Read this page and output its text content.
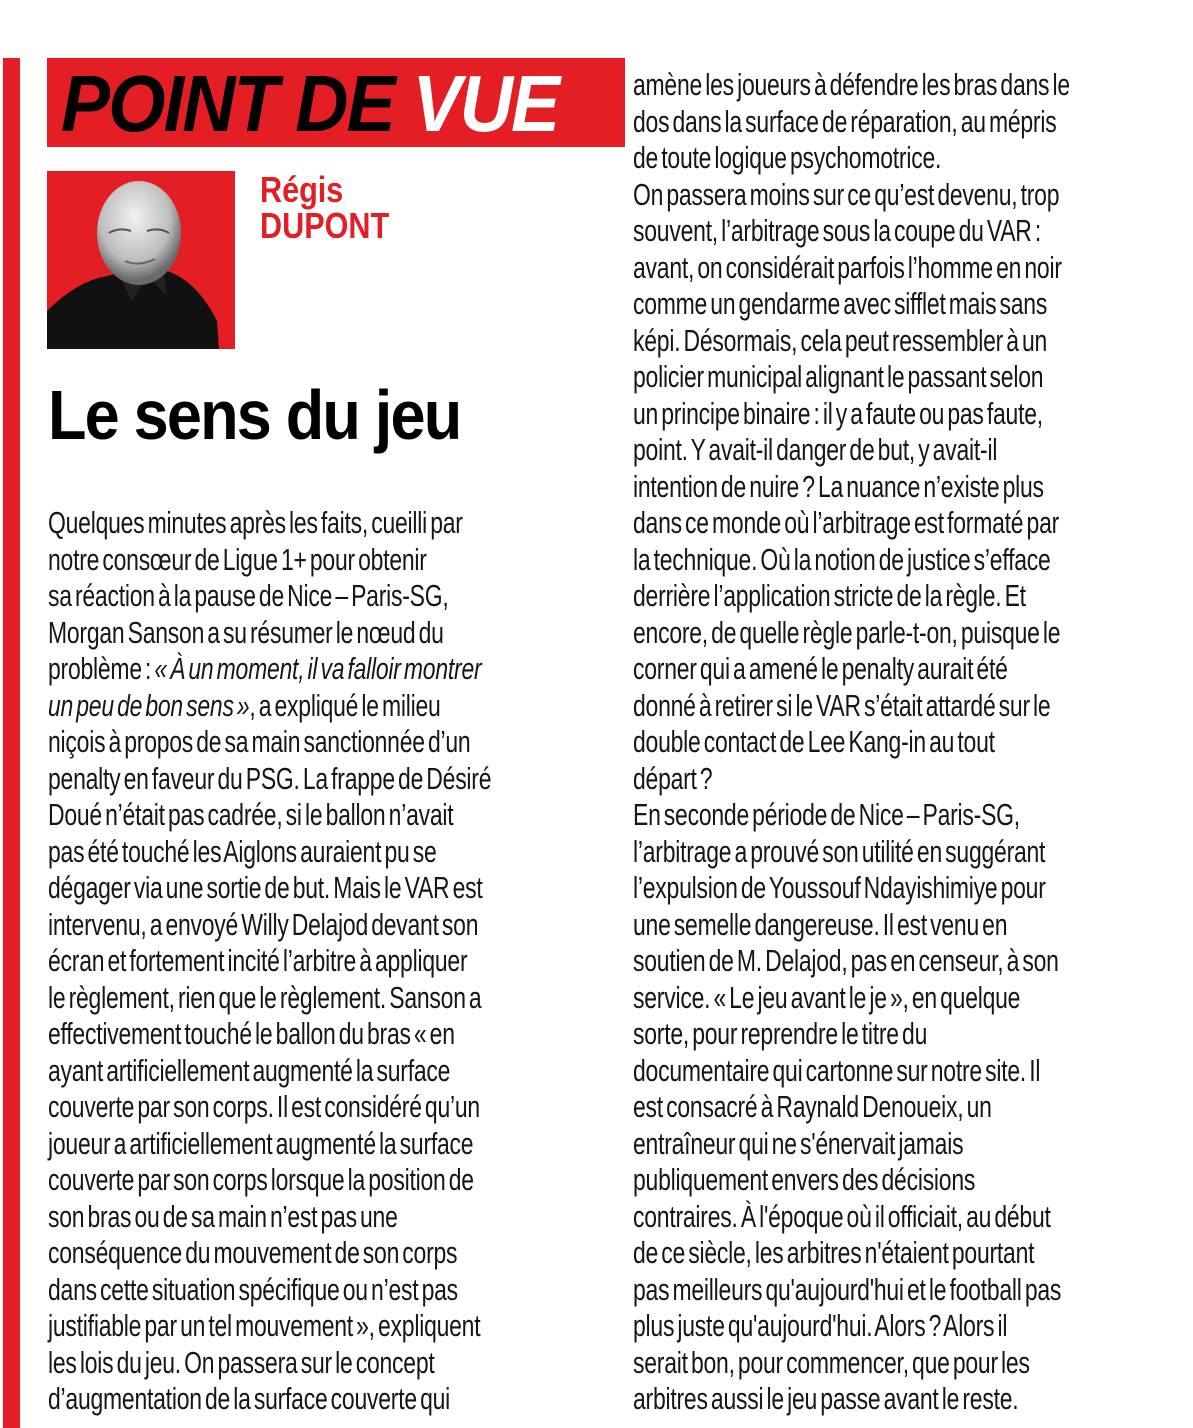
POINT DE VUE
Régis
DUPONT
Le sens du jeu
Quelques minutes après les faits, cueilli par
notre consœur de Ligue 1+ pour obtenir
sa réaction à la pause de Nice – Paris-SG,
Morgan Sanson a su résumer le nœud du
problème : « À un moment, il va falloir montrer
un peu de bon sens », a expliqué le milieu
niçois à propos de sa main sanctionnée d’un
penalty en faveur du PSG. La frappe de Désiré
Doué n’était pas cadrée, si le ballon n’avait
pas été touché les Aiglons auraient pu se
dégager via une sortie de but. Mais le VAR est
intervenu, a envoyé Willy Delajod devant son
écran et fortement incité l’arbitre à appliquer
le règlement, rien que le règlement. Sanson a
effectivement touché le ballon du bras « en
ayant artificiellement augmenté la surface
couverte par son corps. Il est considéré qu’un
joueur a artificiellement augmenté la surface
couverte par son corps lorsque la position de
son bras ou de sa main n’est pas une
conséquence du mouvement de son corps
dans cette situation spécifique ou n’est pas
justifiable par un tel mouvement », expliquent
les lois du jeu. On passera sur le concept
d’augmentation de la surface couverte qui
amène les joueurs à défendre les bras dans le
dos dans la surface de réparation, au mépris
de toute logique psychomotrice.
On passera moins sur ce qu’est devenu, trop
souvent, l’arbitrage sous la coupe du VAR :
avant, on considérait parfois l’homme en noir
comme un gendarme avec sifflet mais sans
képi. Désormais, cela peut ressembler à un
policier municipal alignant le passant selon
un principe binaire : il y a faute ou pas faute,
point. Y avait-il danger de but, y avait-il
intention de nuire ? La nuance n’existe plus
dans ce monde où l’arbitrage est formaté par
la technique. Où la notion de justice s’efface
derrière l’application stricte de la règle. Et
encore, de quelle règle parle-t-on, puisque le
corner qui a amené le penalty aurait été
donné à retirer si le VAR s’était attardé sur le
double contact de Lee Kang-in au tout
départ ?
En seconde période de Nice – Paris-SG,
l’arbitrage a prouvé son utilité en suggérant
l’expulsion de Youssouf Ndayishimiye pour
une semelle dangereuse. Il est venu en
soutien de M. Delajod, pas en censeur, à son
service. « Le jeu avant le je », en quelque
sorte, pour reprendre le titre du
documentaire qui cartonne sur notre site. Il
est consacré à Raynald Denoueix, un
entraîneur qui ne s'énervait jamais
publiquement envers des décisions
contraires. À l'époque où il officiait, au début
de ce siècle, les arbitres n'étaient pourtant
pas meilleurs qu'aujourd'hui et le football pas
plus juste qu'aujourd'hui. Alors ? Alors il
serait bon, pour commencer, que pour les
arbitres aussi le jeu passe avant le reste.
